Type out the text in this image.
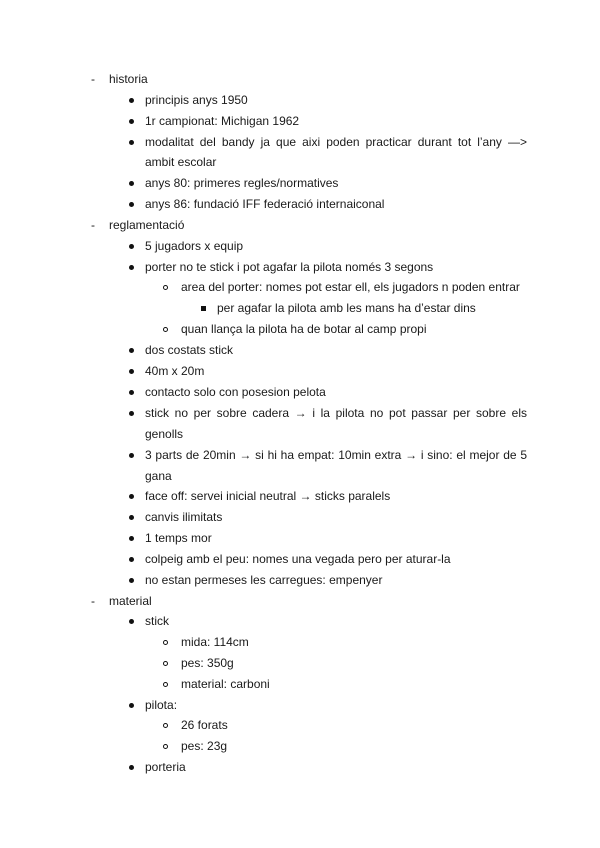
- historia
principis anys 1950
1r campionat: Michigan 1962
modalitat del bandy ja que aixi poden practicar durant tot l’any —>
ambit escolar
anys 80: primeres regles/normatives
anys 86: fundació IFF federació internaiconal
- reglamentació
5 jugadors x equip
porter no te stick i pot agafar la pilota només 3 segons
area del porter: nomes pot estar ell, els jugadors n poden entrar
per agafar la pilota amb les mans ha d’estar dins
quan llança la pilota ha de botar al camp propi
dos costats stick
40m x 20m
contacto solo con posesion pelota
stick no per sobre cadera → i la pilota no pot passar per sobre els
genolls
3 parts de 20min → si hi ha empat: 10min extra → i sino: el mejor de 5
gana
face off: servei inicial neutral → sticks paralels
canvis ilimitats
1 temps mor
colpeig amb el peu: nomes una vegada pero per aturar-la
no estan permeses les carregues: empenyer
- material
stick
mida: 114cm
pes: 350g
material: carboni
pilota:
26 forats
pes: 23g
porteria
